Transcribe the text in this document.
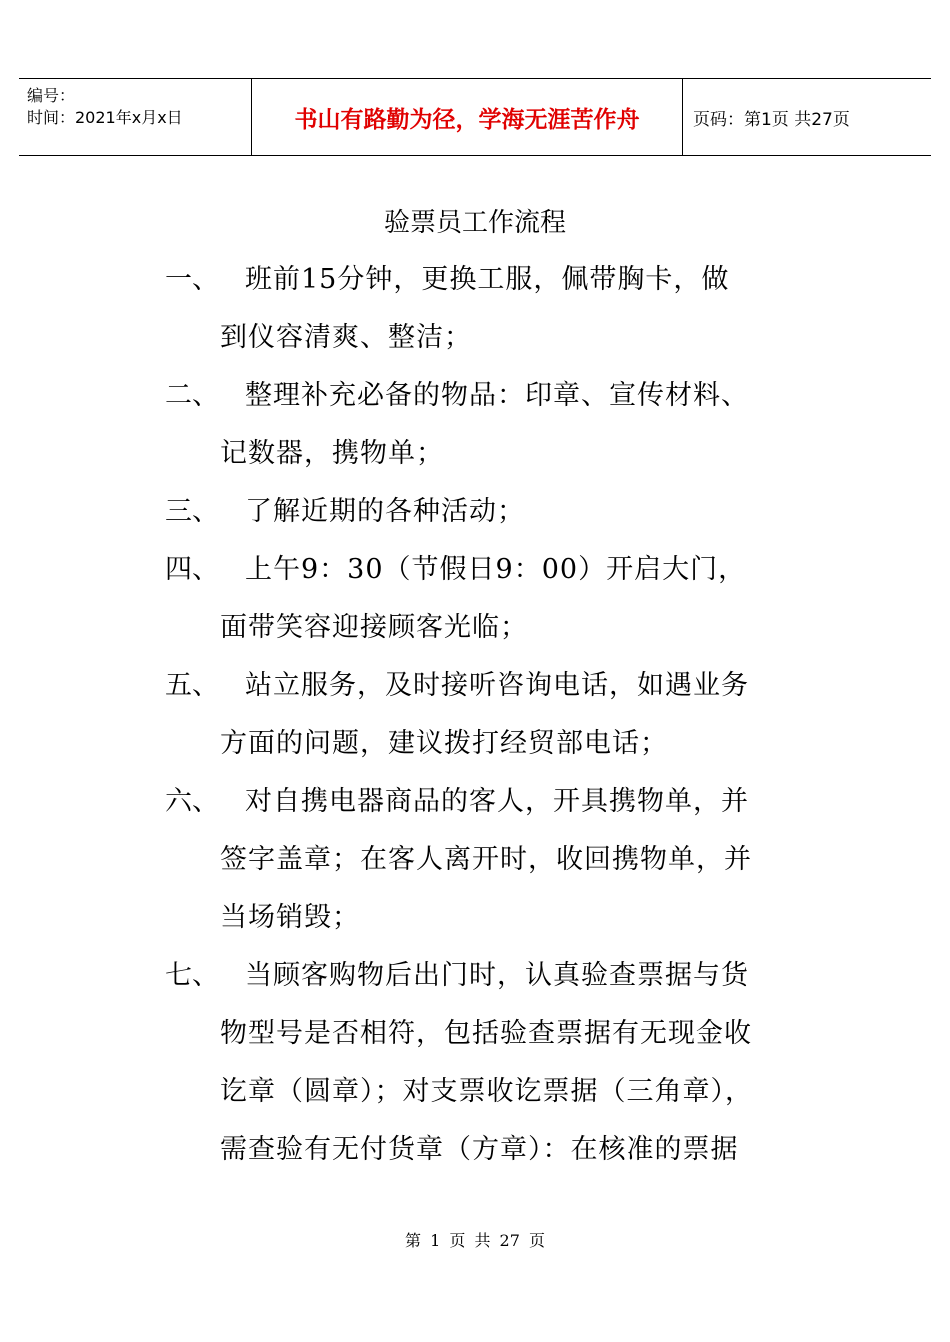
编号：
时间：2021年x月x日	书山有路勤为径，学海无涯苦作舟	页码：第1页 共27页
验票员工作流程
一、 班前15分钟，更换工服，佩带胸卡，做
到仪容清爽、整洁；
二、 整理补充必备的物品：印章、宣传材料、
记数器，携物单；
三、 了解近期的各种活动；
四、 上午9：30（节假日9：00）开启大门，
面带笑容迎接顾客光临；
五、 站立服务，及时接听咨询电话，如遇业务
方面的问题，建议拨打经贸部电话；
六、 对自携电器商品的客人，开具携物单，并
签字盖章；在客人离开时，收回携物单，并
当场销毁；
七、 当顾客购物后出门时，认真验查票据与货
物型号是否相符，包括验查票据有无现金收
讫章（圆章）；对支票收讫票据（三角章），
需查验有无付货章（方章）：在核准的票据
第 1 页 共 27 页
